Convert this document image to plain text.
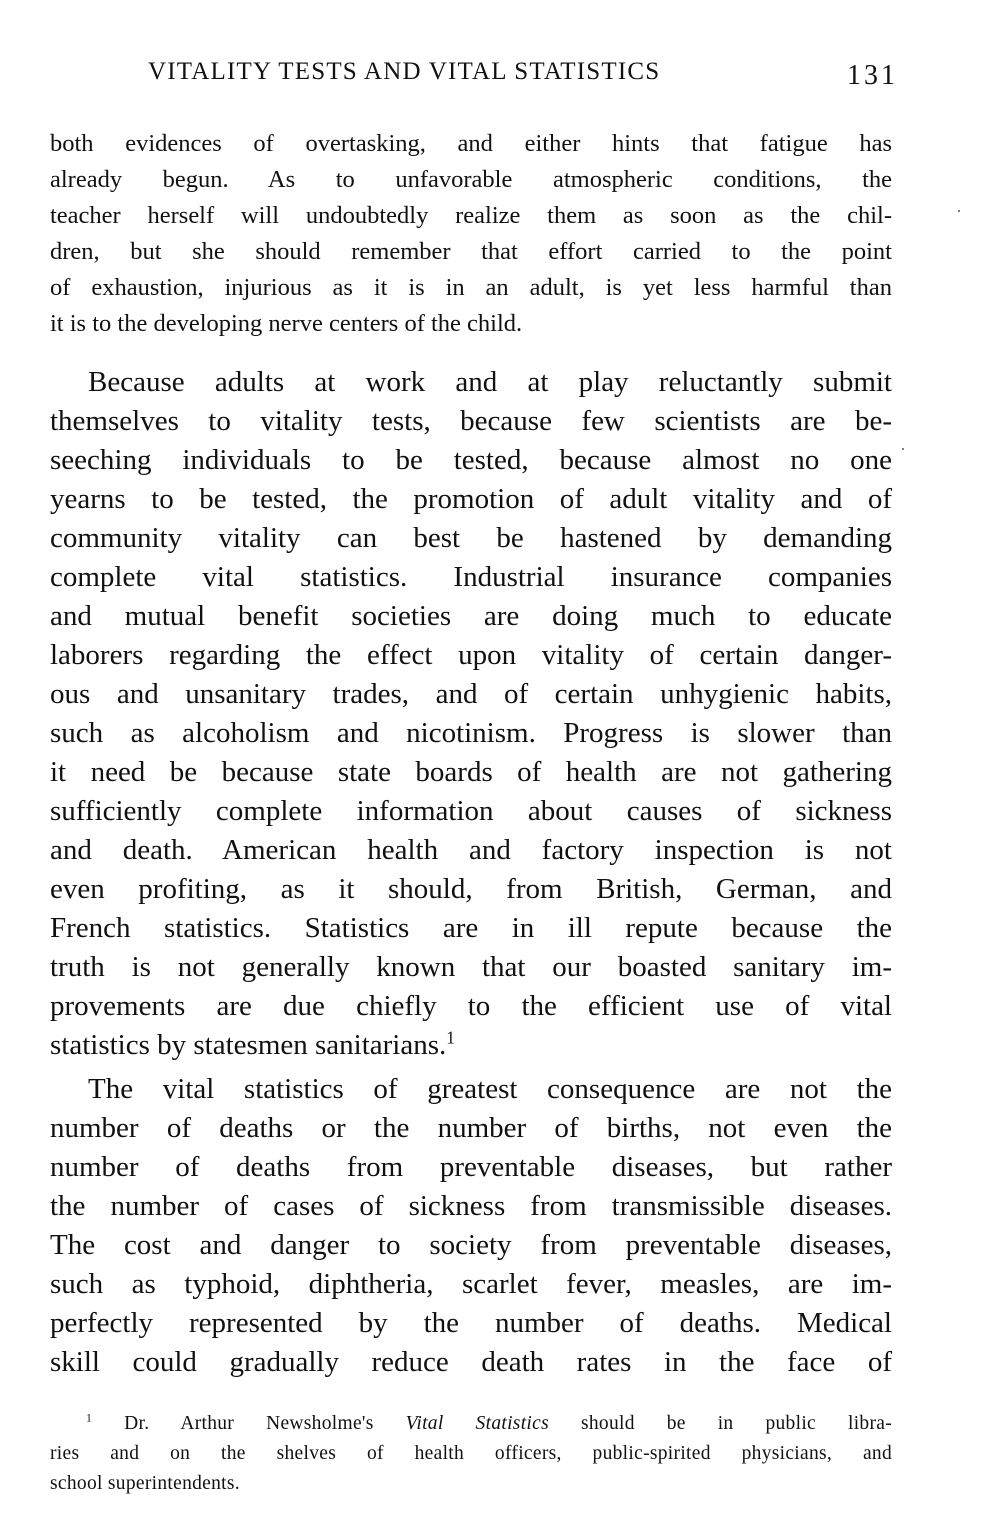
VITALITY TESTS AND VITAL STATISTICS	131
both evidences of overtasking, and either hints that fatigue has
already begun. As to unfavorable atmospheric conditions, the
teacher herself will undoubtedly realize them as soon as the chil-
dren, but she should remember that effort carried to the point
of exhaustion, injurious as it is in an adult, is yet less harmful than
it is to the developing nerve centers of the child.
Because adults at work and at play reluctantly submit
themselves to vitality tests, because few scientists are be-
seeching individuals to be tested, because almost no one
yearns to be tested, the promotion of adult vitality and of
community vitality can best be hastened by demanding
complete vital statistics. Industrial insurance companies
and mutual benefit societies are doing much to educate
laborers regarding the effect upon vitality of certain danger-
ous and unsanitary trades, and of certain unhygienic habits,
such as alcoholism and nicotinism. Progress is slower than
it need be because state boards of health are not gathering
sufficiently complete information about causes of sickness
and death. American health and factory inspection is not
even profiting, as it should, from British, German, and
French statistics. Statistics are in ill repute because the
truth is not generally known that our boasted sanitary im-
provements are due chiefly to the efficient use of vital
statistics by statesmen sanitarians.$^1$
The vital statistics of greatest consequence are not the
number of deaths or the number of births, not even the
number of deaths from preventable diseases, but rather
the number of cases of sickness from transmissible diseases.
The cost and danger to society from preventable diseases,
such as typhoid, diphtheria, scarlet fever, measles, are im-
perfectly represented by the number of deaths. Medical
skill could gradually reduce death rates in the face of
$^1$ Dr. Arthur Newsholme's Vital Statistics should be in public libra-
ries and on the shelves of health officers, public-spirited physicians, and
school superintendents.
